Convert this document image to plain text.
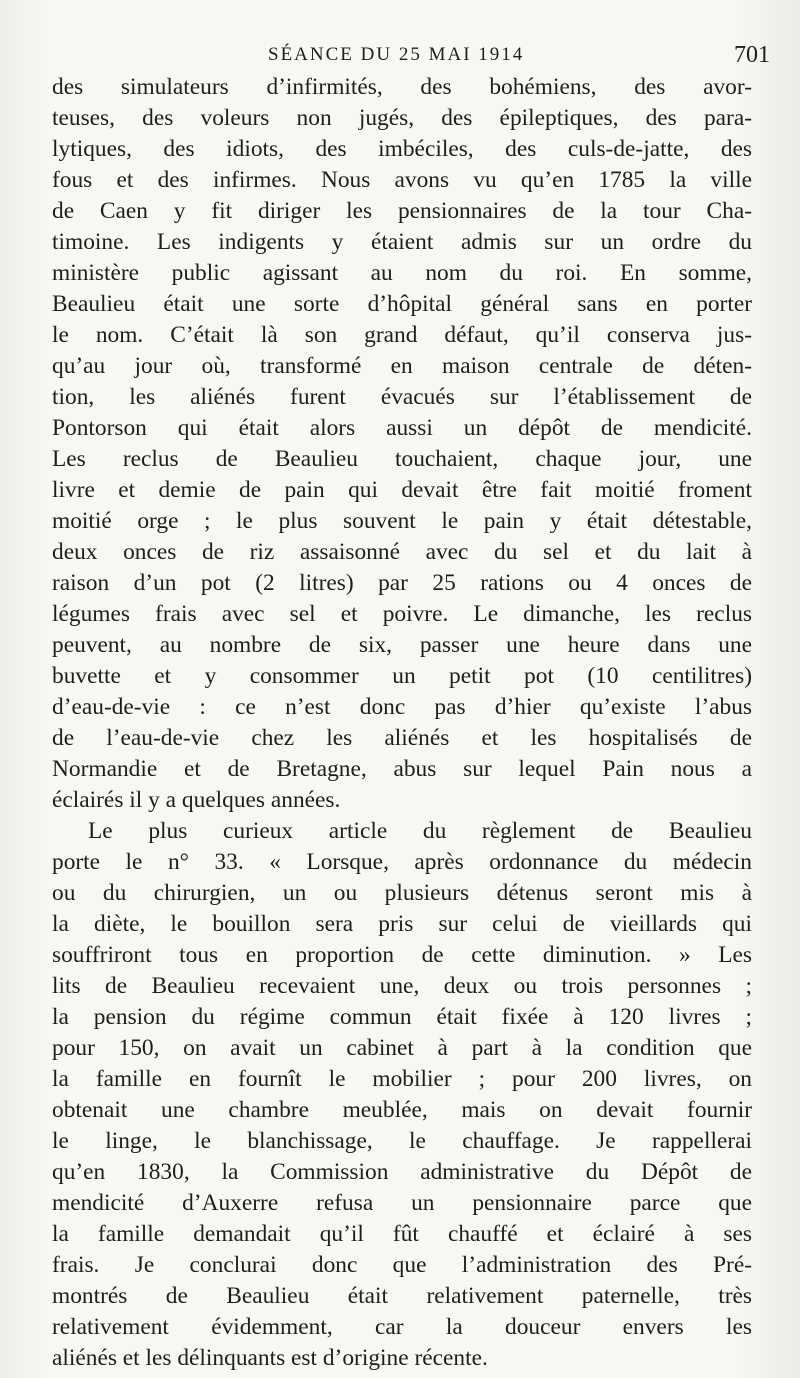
SÉANCE DU 25 MAI 1914	701
des simulateurs d’infirmités, des bohémiens, des avor-
teuses, des voleurs non jugés, des épileptiques, des para-
lytiques, des idiots, des imbéciles, des culs-de-jatte, des
fous et des infirmes. Nous avons vu qu’en 1785 la ville
de Caen y fit diriger les pensionnaires de la tour Cha-
timoine. Les indigents y étaient admis sur un ordre du
ministère public agissant au nom du roi. En somme,
Beaulieu était une sorte d’hôpital général sans en porter
le nom. C’était là son grand défaut, qu’il conserva jus-
qu’au jour où, transformé en maison centrale de déten-
tion, les aliénés furent évacués sur l’établissement de
Pontorson qui était alors aussi un dépôt de mendicité.
Les reclus de Beaulieu touchaient, chaque jour, une
livre et demie de pain qui devait être fait moitié froment
moitié orge ; le plus souvent le pain y était détestable,
deux onces de riz assaisonné avec du sel et du lait à
raison d’un pot (2 litres) par 25 rations ou 4 onces de
légumes frais avec sel et poivre. Le dimanche, les reclus
peuvent, au nombre de six, passer une heure dans une
buvette et y consommer un petit pot (10 centilitres)
d’eau-de-vie : ce n’est donc pas d’hier qu’existe l’abus
de l’eau-de-vie chez les aliénés et les hospitalisés de
Normandie et de Bretagne, abus sur lequel Pain nous a
éclairés il y a quelques années.
Le plus curieux article du règlement de Beaulieu
porte le n° 33. « Lorsque, après ordonnance du médecin
ou du chirurgien, un ou plusieurs détenus seront mis à
la diète, le bouillon sera pris sur celui de vieillards qui
souffriront tous en proportion de cette diminution. » Les
lits de Beaulieu recevaient une, deux ou trois personnes ;
la pension du régime commun était fixée à 120 livres ;
pour 150, on avait un cabinet à part à la condition que
la famille en fournît le mobilier ; pour 200 livres, on
obtenait une chambre meublée, mais on devait fournir
le linge, le blanchissage, le chauffage. Je rappellerai
qu’en 1830, la Commission administrative du Dépôt de
mendicité d’Auxerre refusa un pensionnaire parce que
la famille demandait qu’il fût chauffé et éclairé à ses
frais. Je conclurai donc que l’administration des Pré-
montrés de Beaulieu était relativement paternelle, très
relativement évidemment, car la douceur envers les
aliénés et les délinquants est d’origine récente.
